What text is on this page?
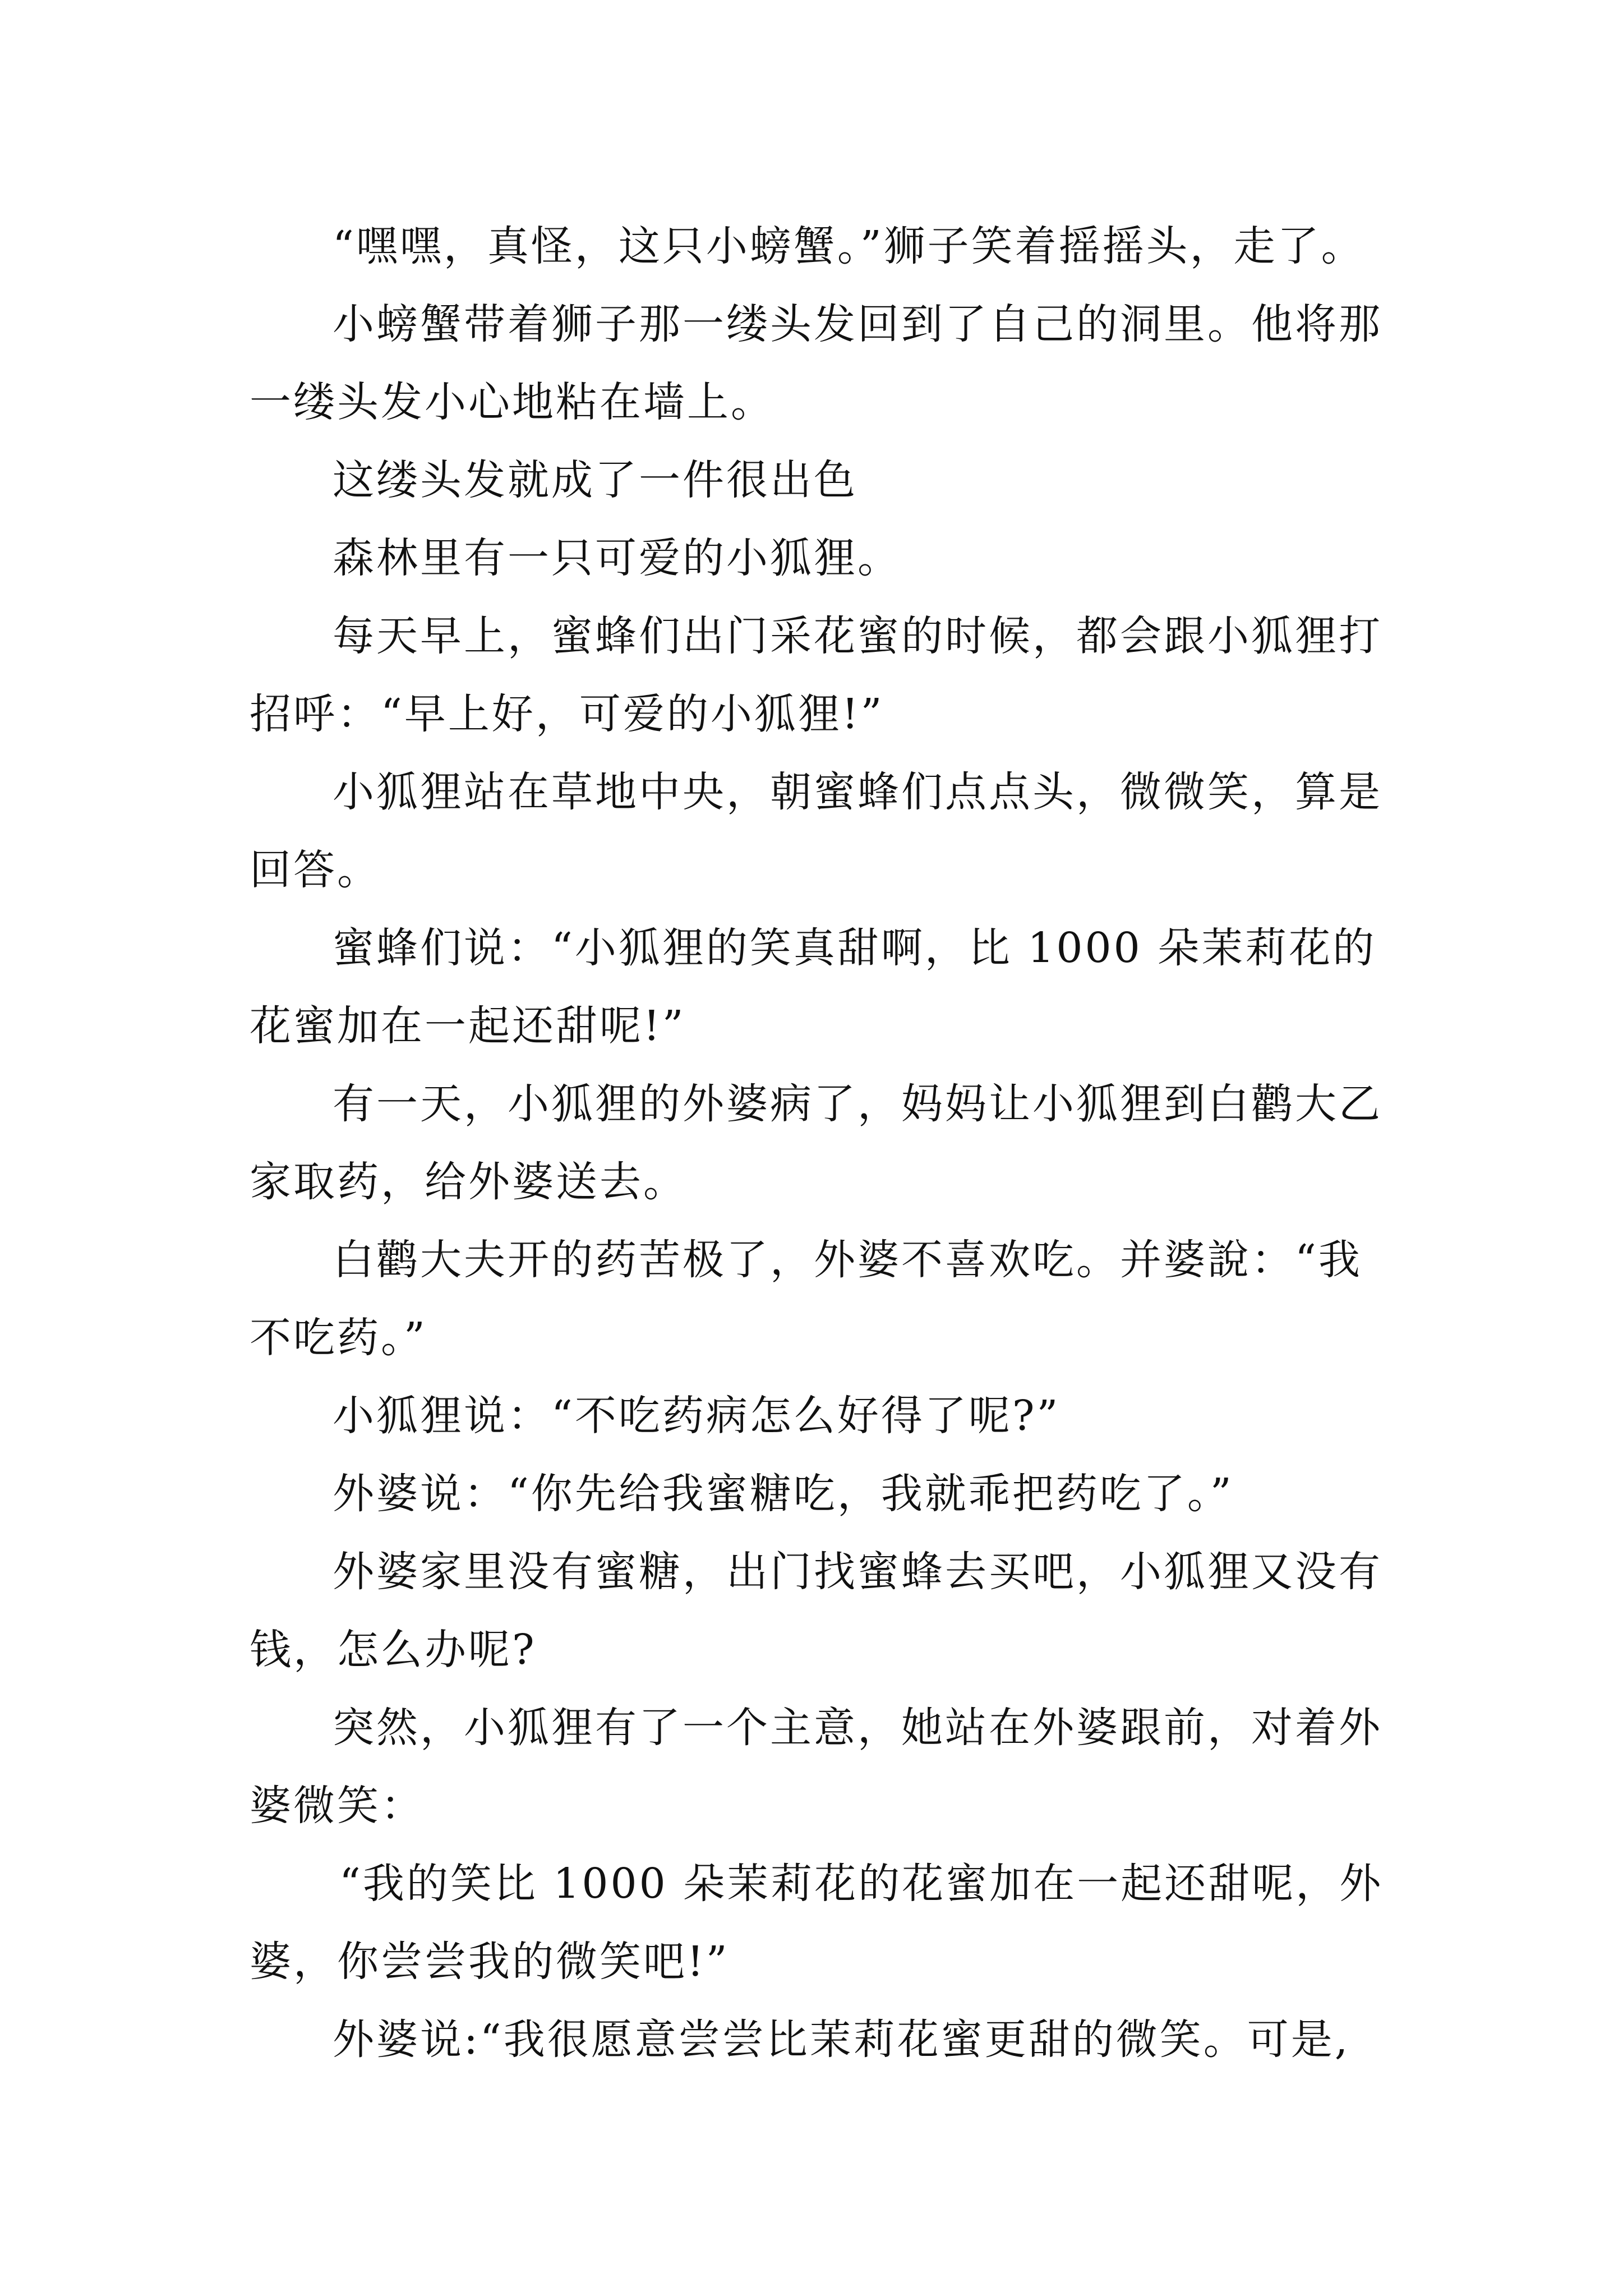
“嘿嘿，真怪，这只小螃蟹。”狮子笑着摇摇头，走了。

小螃蟹带着狮子那一缕头发回到了自己的洞里。他将那一缕头发小心地粘在墙上。

这缕头发就成了一件很出色

森林里有一只可爱的小狐狸。

每天早上，蜜蜂们出门采花蜜的时候，都会跟小狐狸打招呼：“早上好，可爱的小狐狸!”

小狐狸站在草地中央，朝蜜蜂们点点头，微微笑，算是回答。

蜜蜂们说：“小狐狸的笑真甜啊，比 1000 朵茉莉花的花蜜加在一起还甜呢!”

有一天，小狐狸的外婆病了，妈妈让小狐狸到白鹳大乙家取药，给外婆送去。

白鹳大夫开的药苦极了，外婆不喜欢吃。并婆說：“我不吃药。”

小狐狸说：“不吃药病怎么好得了呢?”

外婆说：“你先给我蜜糖吃，我就乖把药吃了。”

外婆家里没有蜜糖，出门找蜜蜂去买吧，小狐狸又没有钱，怎么办呢?

突然，小狐狸有了一个主意，她站在外婆跟前，对着外婆微笑：

“我的笑比 1000 朵茉莉花的花蜜加在一起还甜呢，外婆，你尝尝我的微笑吧!”

外婆说:“我很愿意尝尝比茉莉花蜜更甜的微笑。可是,
